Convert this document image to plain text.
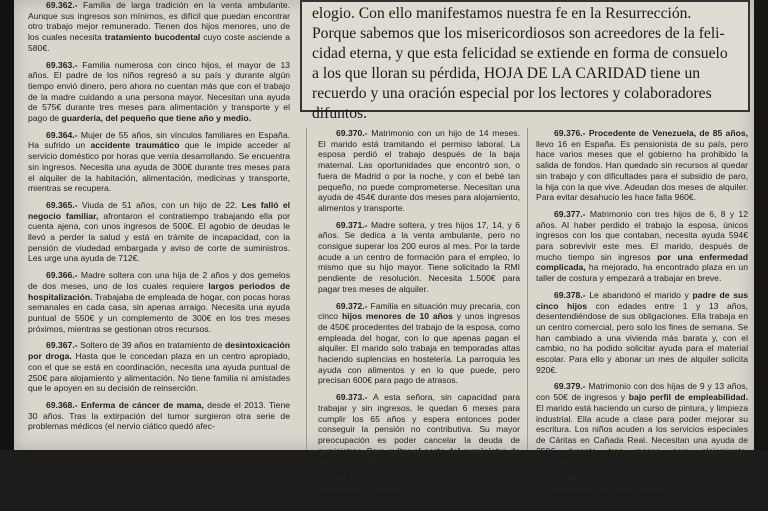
69.362.- Familia de larga tradición en la venta ambulante. Aunque sus ingresos son mínimos, es difícil que puedan encontrar otro trabajo mejor remunerado. Tienen dos hijos menores, uno de los cuales necesita tratamiento bucodental cuyo coste asciende a 580€.

69.363.- Familia numerosa con cinco hijos, el mayor de 13 años. El padre de los niños regresó a su país y durante algún tiempo envió dinero, pero ahora no cuentan más que con el trabajo de la madre cuidando a una persona mayor. Necesitan una ayuda de 575€ durante tres meses para alimentación y transporte y el pago de guardería, del pequeño que tiene año y medio.

69.364.- Mujer de 55 años, sin vínculos familiares en España. Ha sufrido un accidente traumático que le impide acceder al servicio doméstico por horas que venía desarrollando. Se encuentra sin ingresos. Necesita una ayuda de 300€ durante tres meses para el alquiler de la habitación, alimentación, medicinas y transporte, mientras se recupera.

69.365.- Viuda de 51 años, con un hijo de 22. Les falló el negocio familiar, afrontaron el contratiempo trabajando ella por cuenta ajena, con unos ingresos de 500€. El agobio de deudas le llevó a perder la salud y está en trámite de incapacidad, con la pensión de viudedad embargada y aviso de corte de suministros. Les urge una ayuda de 712€.

69.366.- Madre soltera con una hija de 2 años y dos gemelos de dos meses, uno de los cuales requiere largos periodos de hospitalización. Trabajaba de empleada de hogar, con pocas horas semanales en cada casa, sin apenas arraigo. Necesita una ayuda puntual de 550€ y un complemento de 300€ en los tres meses próximos, mientras se gestionan otros recursos.

69.367.- Soltero de 39 años en tratamiento de desintoxicación por droga. Hasta que le concedan plaza en un centro apropiado, con el que se está en coordinación, necesita una ayuda puntual de 250€ para alojamiento y alimentación. No tiene familia ni amistades que le apoyen en su decisión de reinserción.

69.368.- Enferma de cáncer de mama, desde el 2013. Tiene 30 años. Tras la extirpación del tumor surgieron otra serie de problemas médicos (el nervio ciático quedó afec-

elogio. Con ello manifestamos nuestra fe en la Resurrección.
Porque sabemos que los misericordiosos son acreedores de la feli-
cidad eterna, y que esta felicidad se extiende en forma de consuelo
a los que lloran su pérdida, HOJA DE LA CARIDAD tiene un
recuerdo y una oración especial por los lectores y colaboradores
difuntos.

69.370.- Matrimonio con un hijo de 14 meses. El marido está tramitando el permiso laboral. La esposa perdió el trabajo después de la baja maternal. Las oportunidades que encontró son, o fuera de Madrid o por la noche, y con el bebé tan pequeño, no puede comprometerse. Necesitan una ayuda de 454€ durante dos meses para alojamiento, alimentos y transporte.

69.371.- Madre soltera, y tres hijos 17, 14, y 6 años. Se dedica a la venta ambulante, pero no consigue superar los 200 euros al mes. Por la tarde acude a un centro de formación para el empleo, lo mismo que su hijo mayor. Tiene solicitado la RMI pendiente de resolución. Necesita 1.500€ para pagar tres meses de alquiler.

69.372.- Familia en situación muy precaria, con cinco hijos menores de 10 años y unos ingresos de 450€ procedentes del trabajo de la esposa, como empleada del hogar, con lo que apenas pagan el alquiler. El marido solo trabaja en temporadas altas haciendo suplencias en hostelería. La parroquia les ayuda con alimentos y en lo que puede, pero precisan 600€ para pago de atrasos.

69.373.- A esta señora, sin capacidad para trabajar y sin ingresos, le quedan 6 meses para cumplir los 65 años y espera entonces poder conseguir la pensión no contributiva. Su mayor preocupación es poder cancelar la deuda de suministros. Para evitar el corte del suministro de luz, y adquirir alimentos necesita 400€.

69.374.- Se necesitan 600€ para adquirir un generador de energía y una pequeña nevera, en la que pue-

69.376.- Procedente de Venezuela, de 85 años, llevo 16 en España. Es pensionista de su país, pero hace varios meses que el gobierno ha prohibido la salida de fondos. Han quedado sin recursos al quedar sin trabajo y con dificultades para el subsidio de paro, la hija con la que vive. Adeudan dos meses de alquiler. Para evitar desahucio les hace falta 960€.

69.377.- Matrimonio con tres hijos de 6, 8 y 12 años. Al haber perdido el trabajo la esposa, únicos ingresos con los que contaban, necesita ayuda 594€ para sobrevivir este mes. El marido, después de mucho tiempo sin ingresos por una enfermedad complicada, ha mejorado, ha encontrado plaza en un taller de costura y empezará a trabajar en breve.

69.378.- Le abandonó el marido y padre de sus cinco hijos con edades entre 1 y 13 años, desentendiéndose de sus obligaciones. Ella trabaja en un centro comercial, pero solo los fines de semana. Se han cambiado a una vivienda más barata y, con el cambio, no ha podido solicitar ayuda para el material escolar. Para ello y abonar un mes de alquiler solicita 920€.

69.379.- Matrimonio con dos hijas de 9 y 13 años, con 50€ de ingresos y bajo perfil de empleabilidad. El marido está haciendo un curso de pintura, y limpieza industrial. Ella acude a clase para poder mejorar su escritura. Los niños acuden a los servicios especiales de Cáritas en Cañada Real. Necesitan una ayuda de 350€ durante tres meses para alojamiento, alimentación y transporte.

69.380.- Madre soltera, de 38 años. Se encuentra en tratamiento de salud mental, con una niña de 2
